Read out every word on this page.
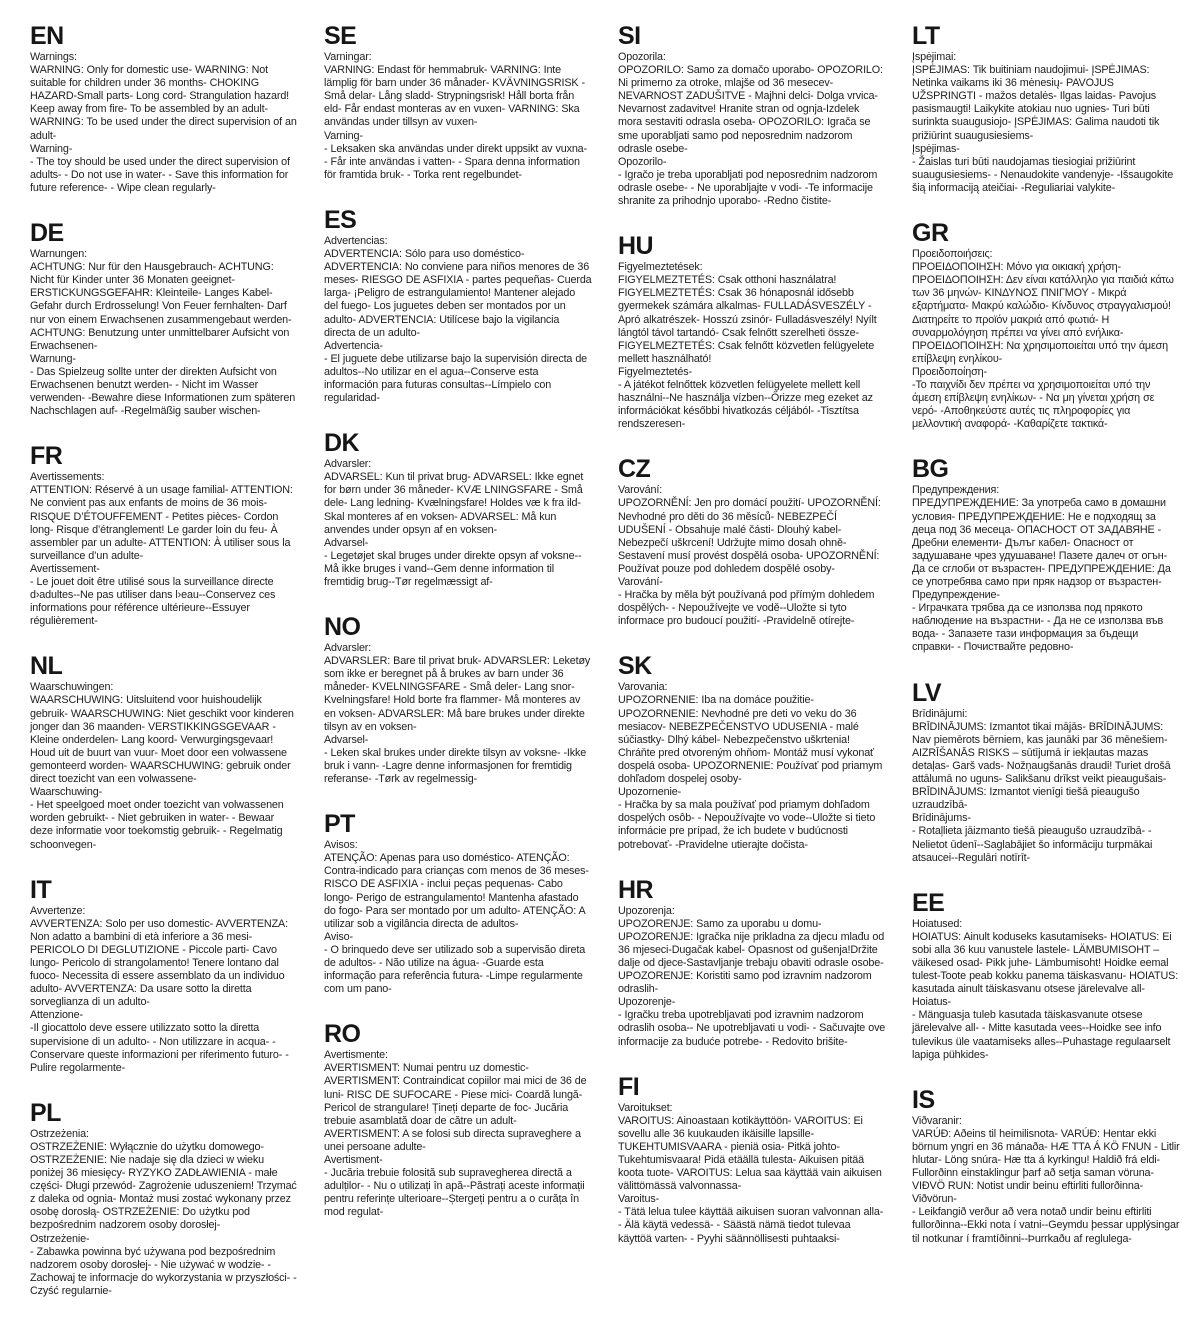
EN
Warnings:
WARNING: Only for domestic use- WARNING: Not suitable for children under 36 months- CHOKING HAZARD-Small parts- Long cord- Strangulation hazard! Keep away from fire- To be assembled by an adult- WARNING: To be used under the direct supervision of an adult-
Warning-
- The toy should be used under the direct supervision of adults- - Do not use in water- - Save this information for future reference- - Wipe clean regularly-
DE
Warnungen:
ACHTUNG: Nur für den Hausgebrauch- ACHTUNG: Nicht für Kinder unter 36 Monaten geeignet- ERSTICKUNGSGEFAHR: Kleinteile- Langes Kabel- Gefahr durch Erdrosselung! Von Feuer fernhalten- Darf nur von einem Erwachsenen zusammengebaut werden- ACHTUNG: Benutzung unter unmittelbarer Aufsicht von Erwachsenen-
Warnung-
- Das Spielzeug sollte unter der direkten Aufsicht von Erwachsenen benutzt werden- - Nicht im Wasser verwenden- -Bewahre diese Informationen zum späteren Nachschlagen auf- -Regelmäßig sauber wischen-
FR
Avertissements:
ATTENTION: Réservé à un usage familial- ATTENTION: Ne convient pas aux enfants de moins de 36 mois- RISQUE D’ÉTOUFFEMENT - Petites pièces- Cordon long- Risque d’étranglement! Le garder loin du feu- À assembler par un adulte- ATTENTION: À utiliser sous la surveillance d’un adulte-
Avertissement-
- Le jouet doit être utilisé sous la surveillance directe d›adultes--Ne pas utiliser dans l›eau--Conservez ces informations pour référence ultérieure--Essuyer régulièrement-
NL
Waarschuwingen:
WAARSCHUWING: Uitsluitend voor huishoudelijk gebruik- WAARSCHUWING: Niet geschikt voor kinderen jonger dan 36 maanden- VERSTIKKINGSGEVAAR - Kleine onderdelen- Lang koord- Verwurgingsgevaar! Houd uit de buurt van vuur- Moet door een volwassene gemonteerd worden- WAARSCHUWING: gebruik onder direct toezicht van een volwassene-
Waarschuwing-
- Het speelgoed moet onder toezicht van volwassenen worden gebruikt- - Niet gebruiken in water- - Bewaar deze informatie voor toekomstig gebruik- - Regelmatig schoonvegen-
IT
Avvertenze:
AVVERTENZA: Solo per uso domestic- AVVERTENZA: Non adatto a bambini di età inferiore a 36 mesi- PERICOLO DI DEGLUTIZIONE - Piccole parti- Cavo lungo- Pericolo di strangolamento! Tenere lontano dal fuoco- Necessita di essere assemblato da un individuo adulto- AVVERTENZA: Da usare sotto la diretta sorveglianza di un adulto-
Attenzione-
-Il giocattolo deve essere utilizzato sotto la diretta supervisione di un adulto- - Non utilizzare in acqua- -Conservare queste informazioni per riferimento futuro- -Pulire regolarmente-
PL
Ostrzeżenia:
OSTRZEŻENIE: Wyłącznie do użytku domowego- OSTRZEŻENIE: Nie nadaje się dla dzieci w wieku poniżej 36 miesięcy- RYZYKO ZADŁAWIENIA - małe części- Długi przewód- Zagrożenie uduszeniem! Trzymać z daleka od ognia- Montaż musi zostać wykonany przez osobę dorosłą- OSTRZEŻENIE: Do użytku pod bezpośrednim nadzorem osoby dorosłej-
Ostrzeżenie-
- Zabawka powinna być używana pod bezpośrednim nadzorem osoby dorosłej- - Nie używać w wodzie- - Zachowaj te informacje do wykorzystania w przyszłości- - Czyść regularnie-
SE
Varningar:
VARNING: Endast för hemmabruk- VARNING: Inte lämplig för barn under 36 månader- KVÄVNINGSRISK - Små delar- Lång sladd- Strypningsrisk! Håll borta från eld- Får endast monteras av en vuxen- VARNING: Ska användas under tillsyn av vuxen-
Varning-
- Leksaken ska användas under direkt uppsikt av vuxna- - Får inte användas i vatten- - Spara denna information för framtida bruk- - Torka rent regelbundet-
ES
Advertencias:
ADVERTENCIA: Sólo para uso doméstico- ADVERTENCIA: No conviene para niños menores de 36 meses- RIESGO DE ASFIXIA - partes pequeñas- Cuerda larga- ¡Peligro de estrangulamiento! Mantener alejado del fuego- Los juguetes deben ser montados por un adulto- ADVERTENCIA: Utilícese bajo la vigilancia directa de un adulto-
Advertencia-
- El juguete debe utilizarse bajo la supervisión directa de adultos--No utilizar en el agua--Conserve esta información para futuras consultas--Límpielo con regularidad-
DK
Advarsler:
ADVARSEL: Kun til privat brug- ADVARSEL: Ikke egnet for børn under 36 måneder- KVÆ LNINGSFARE - Små dele- Lang ledning- Kvælningsfare! Holdes væ k fra ild- Skal monteres af en voksen- ADVARSEL: Må kun anvendes under opsyn af en voksen-
Advarsel-
- Legetøjet skal bruges under direkte opsyn af voksne-- Må ikke bruges i vand--Gem denne information til fremtidig brug--Tør regelmæssigt af-
NO
Advarsler:
ADVARSLER: Bare til privat bruk- ADVARSLER: Leketøy som ikke er beregnet på å brukes av barn under 36 måneder- KVELNINGSFARE - Små deler- Lang snor- Kvelningsfare! Hold borte fra flammer- Må monteres av en voksen- ADVARSLER: Må bare brukes under direkte tilsyn av en voksen-
Advarsel-
- Leken skal brukes under direkte tilsyn av voksne- -Ikke bruk i vann- -Lagre denne informasjonen for fremtidig referanse- -Tørk av regelmessig-
PT
Avisos:
ATENÇÃO: Apenas para uso doméstico- ATENÇÃO: Contra-indicado para crianças com menos de 36 meses- RISCO DE ASFIXIA - inclui peças pequenas- Cabo longo- Perigo de estrangulamento! Mantenha afastado do fogo- Para ser montado por um adulto- ATENÇÃO: A utilizar sob a vigilância directa de adultos-
Aviso-
- O brinquedo deve ser utilizado sob a supervisão direta de adultos- - Não utilize na água- -Guarde esta informação para referência futura- -Limpe regularmente com um pano-
RO
Avertismente:
AVERTISMENT: Numai pentru uz domestic- AVERTISMENT: Contraindicat copiilor mai mici de 36 de luni- RISC DE SUFOCARE - Piese mici- Coardă lungă- Pericol de strangulare! Țineți departe de foc- Jucăria trebuie asamblată doar de către un adult- AVERTISMENT: A se folosi sub directa supraveghere a unei persoane adulte-
Avertisment-
- Jucăria trebuie folosită sub supravegherea directă a adulților- - Nu o utilizați în apă--Păstrați aceste informații pentru referințe ulterioare--Ștergeți pentru a o curăța în mod regulat-
SI
Opozorila:
OPOZORILO: Samo za domačo uporabo- OPOZORILO: Ni primerno za otroke, mlajše od 36 mesecev- NEVARNOST ZADUŠITVE - Majhni delci- Dolga vrvica- Nevarnost zadavitve! Hranite stran od ognja-Izdelek mora sestaviti odrasla oseba- OPOZORILO: Igrača se sme uporabljati samo pod neposrednim nadzorom odrasle osebe-
Opozorilo-
- Igračo je treba uporabljati pod neposrednim nadzorom odrasle osebe- - Ne uporabljajte v vodi- -Te informacije shranite za prihodnjo uporabo- -Redno čistite-
HU
Figyelmeztetések:
FIGYELMEZTETÉS: Csak otthoni használatra! FIGYELMEZTETÉS: Csak 36 hónaposnál idősebb gyermekek számára alkalmas- FULLADÁSVESZÉLY - Apró alkatrészek- Hosszú zsinór- Fulladásveszély! Nyílt lángtól távol tartandó- Csak felnőtt szerelheti össze- FIGYELMEZTETÉS: Csak felnőtt közvetlen felügyelete mellett használható!
Figyelmeztetés-
- A játékot felnőttek közvetlen felügyelete mellett kell használni--Ne használja vízben--Őrizze meg ezeket az információkat későbbi hivatkozás céljából- -Tisztítsa rendszeresen-
CZ
Varování:
UPOZORNĚNÍ: Jen pro domácí použití- UPOZORNĚNÍ: Nevhodné pro děti do 36 měsíců- NEBEZPEČÍ UDUŠENÍ - Obsahuje malé části- Dlouhý kabel- Nebezpečí uškrcení! Udržujte mimo dosah ohně- Sestavení musí provést dospělá osoba- UPOZORNĚNÍ: Používat pouze pod dohledem dospělé osoby-
Varování-
- Hračka by měla být používaná pod přímým dohledem dospělých- - Nepoužívejte ve vodě--Uložte si tyto informace pro budoucí použití- -Pravidelně otírejte-
SK
Varovania:
UPOZORNENIE: Iba na domáce použitie- UPOZORNENIE: Nevhodné pre deti vo veku do 36 mesiacov- NEBEZPEČENSTVO UDUSENIA - malé súčiastky- Dlhý kábel- Nebezpečenstvo uškrtenia! Chráňte pred otvoreným ohňom- Montáž musí vykonať dospelá osoba- UPOZORNENIE: Používať pod priamym dohľadom dospelej osoby-
Upozornenie-
- Hračka by sa mala používať pod priamym dohľadom dospelých osôb- - Nepoužívajte vo vode--Uložte si tieto informácie pre prípad, že ich budete v budúcnosti potrebovať- -Pravidelne utierajte dočista-
HR
Upozorenja:
UPOZORENJE: Samo za uporabu u domu-UPOZORENJE: Igračka nije prikladna za djecu mlađu od 36 mjeseci-Dugačak kabel- Opasnost od gušenja!Držite dalje od djece-Sastavljanje trebaju obaviti odrasle osobe- UPOZORENJE: Koristiti samo pod izravnim nadzorom odraslih-
Upozorenje-
- Igračku treba upotrebljavati pod izravnim nadzorom odraslih osoba-- Ne upotrebljavati u vodi- - Sačuvajte ove informacije za buduće potrebe- - Redovito brišite-
FI
Varoitukset:
VAROITUS: Ainoastaan kotikäyttöön- VAROITUS: Ei sovellu alle 36 kuukauden ikäisille lapsille- TUKEHTUMISVAARA - pieniä osia- Pitkä johto- Tukehtumisvaara! Pidä etäällä tulesta- Aikuisen pitää koota tuote- VAROITUS: Lelua saa käyttää vain aikuisen välittömässä valvonnassa-
Varoitus-
- Tätä lelua tulee käyttää aikuisen suoran valvonnan alla- - Älä käytä vedessä- - Säästä nämä tiedot tulevaa käyttöä varten- - Pyyhi säännöllisesti puhtaaksi-
LT
Įspėjimai:
ĮSPĖJIMAS: Tik buitiniam naudojimui- ĮSPĖJIMAS: Netinka vaikams iki 36 mėnesių- PAVOJUS UŽSPRINGTI - mažos detalės- Ilgas laidas- Pavojus pasismaugti! Laikykite atokiau nuo ugnies- Turi būti surinkta suaugusiojo- ĮSPĖJIMAS: Galima naudoti tik prižiūrint suaugusiesiems-
Įspėjimas-
- Žaislas turi būti naudojamas tiesiogiai prižiūrint suaugusiesiems- - Nenaudokite vandenyje- -Išsaugokite šią informaciją ateičiai- -Reguliariai valykite-
GR
Προειδοποιήσεις:
ΠΡΟΕΙΔΟΠΟΙΗΣΗ: Μόνο για οικιακή χρήση- ΠΡΟΕΙΔΟΠΟΙΗΣΗ: Δεν είναι κατάλληλο για παιδιά κάτω των 36 μηνών- ΚΙΝΔΥΝΟΣ ΠΝΙΓΜΟΥ - Μικρά εξαρτήματα- Μακρύ καλώδιο- Κίνδυνος στραγγαλισμού! Διατηρείτε το προϊόν μακριά από φωτιά- Η συναρμολόγηση πρέπει να γίνει από ενήλικα- ΠΡΟΕΙΔΟΠΟΙΗΣΗ: Να χρησιμοποιείται υπό την άμεση επίβλεψη ενηλίκου-
Προειδοποίηση-
-Το παιχνίδι δεν πρέπει να χρησιμοποιείται υπό την άμεση επίβλεψη ενηλίκων- - Να μη γίνεται χρήση σε νερό- -Αποθηκεύστε αυτές τις πληροφορίες για μελλοντική αναφορά- -Καθαρίζετε τακτικά-
BG
Предупреждения:
ПРЕДУПРЕЖДЕНИЕ: За употреба само в домашни условия- ПРЕДУПРЕЖДЕНИЕ: Не е подходящ за деца под 36 месеца- ОПАСНОСТ ОТ ЗАДАВЯНЕ - Дребни елементи- Дълъг кабел- Опасност от задушаване чрез удушаване! Пазете далеч от огън- Да се сглоби от възрастен- ПРЕДУПРЕЖДЕНИЕ: Да се употребява само при пряк надзор от възрастен-
Предупреждение-
- Играчката трябва да се използва под прякото наблюдение на възрастни- - Да не се използва във вода- - Запазете тази информация за бъдещи справки- - Почиствайте редовно-
LV
Brīdinājumi:
BRĪDINĀJUMS: Izmantot tikai mājās- BRĪDINĀJUMS: Nav piemērots bērniem, kas jaunāki par 36 mēnešiem- AIZRĪŠANĀS RISKS – sūtījumā ir iekļautas mazas detaļas- Garš vads- Nožņaugšanās draudi! Turiet drošā attālumā no uguns- Salikšanu drīkst veikt pieaugušais- BRĪDINĀJUMS: Izmantot vienīgi tiešā pieaugušo uzraudzībā-
Brīdinājums-
- Rotaļlieta jāizmanto tiešā pieaugušo uzraudzībā- - Nelietot ūdenī--Saglabājiet šo informāciju turpmākai atsaucei--Regulāri notīrīt-
EE
Hoiatused:
HOIATUS: Ainult koduseks kasutamiseks- HOIATUS: Ei sobi alla 36 kuu vanustele lastele- LÄMBUMISOHT – väikesed osad- Pikk juhe- Lämbumisoht! Hoidke eemal tulest-Toote peab kokku panema täiskasvanu- HOIATUS: kasutada ainult täiskasvanu otsese järelevalve all-
Hoiatus-
- Mänguasja tuleb kasutada täiskasvanute otsese järelevalve all- - Mitte kasutada vees--Hoidke see info tulevikus üle vaatamiseks alles--Puhastage regulaarselt lapiga pühkides-
IS
Viðvaranir:
VARÚÐ: Aðeins til heimilisnota- VARÚÐ: Hentar ekki börnum yngri en 36 mánaða- HÆ TTA Á KÖ FNUN - Litlir hlutar- Löng snúra- Hæ tta á kyrkingu! Haldið frá eldi- Fullorðinn einstaklingur þarf að setja saman vöruna- VIÐVÖ RUN: Notist undir beinu eftirliti fullorðinna-
Viðvörun-
- Leikfangið verður að vera notað undir beinu eftirliti fullorðinna--Ekki nota í vatni--Geymdu þessar upplýsingar til notkunar í framtíðinni--Þurrkaðu af reglulega-
